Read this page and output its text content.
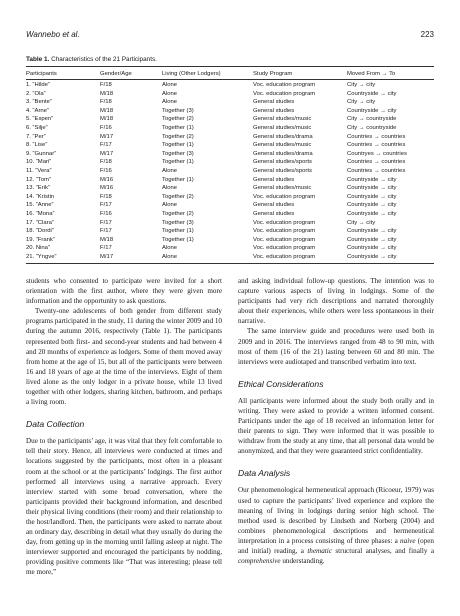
Wannebo et al.	223
Table 1. Characteristics of the 21 Participants.
Participants	Gender/Age	Living (Other Lodgers)	Study Program	Moved From → To
1. “Hilde”	F/18	Alone	Voc. education program	City → city
2. “Ola”	M/18	Alone	Voc. education program	Countryside → city
3. “Bente”	F/18	Alone	General studies	City → city
4. “Arne”	M/18	Together (3)	General studies	Countryside → city
5. “Espen”	M/18	Together (2)	General studies/music	City → countryside
6. “Silje”	F/16	Together (1)	General studies/music	City → countryside
7. “Per”	M/17	Together (2)	General studies/drama	Countries → countries
8. “Lise”	F/17	Together (1)	General studies/music	Countries → countries
9. “Gunnar”	M/17	Together (3)	General studies/drama	Countryes → countries
10. “Mari”	F/18	Together (1)	General studies/sports	Countries → countries
11. “Vera”	F/16	Alone	General studies/sports	Countries → countries
12. “Tom”	M/16	Together (1)	General studies	Countryside → city
13. “Erik”	M/16	Alone	General studies/music	Countryside → city
14. “Kristin	F/18	Together (2)	Voc. education program	Countryside → city
15. “Anne”	F/17	Alone	General studies	Countryside → city
16. “Mona”	F/16	Together (2)	General studies	Countryside → city
17. “Clara”	F/17	Together (3)	Voc. education program	City → city
18. “Dordi”	F/17	Together (1)	Voc. education program	Countryside → city
19. “Frank”	M/18	Together (1)	Voc. education program	Countryside → city
20. Nina”	F/17	Alone	Voc. education program	Countryside → city
21. “Yngve”	M/17	Alone	Voc. education program	Countryside → city

students who consented to participate were invited for a short orientation with the first author, where they were given more information and the opportunity to ask questions.

Twenty-one adolescents of both gender from different study programs participated in the study, 11 during the winter 2009 and 10 during the autumn 2016, respectively (Table 1). The participants represented both first- and second-year students and had between 4 and 20 months of experience as lodgers. Some of them moved away from home at the age of 15, but all of the participants were between 16 and 18 years of age at the time of the interviews. Eight of them lived alone as the only lodger in a private house, while 13 lived together with other lodgers, sharing kitchen, bathroom, and perhaps a living room.

Data Collection

Due to the participants’ age, it was vital that they felt comfortable to tell their story. Hence, all interviews were conducted at times and locations suggested by the participants, most often in a pleasant room at the school or at the participants’ lodgings. The first author performed all interviews using a narrative approach. Every interview started with some broad conversation, where the participants provided their background information, and described their physical living conditions (their room) and their relationship to the host/landlord. Then, the participants were asked to narrate about an ordinary day, describing in detail what they usually do during the day, from getting up in the morning until falling asleep at night. The interviewer supported and encouraged the participants by nodding, providing positive comments like “That was interesting; please tell me more,”

and asking individual follow-up questions. The intention was to capture various aspects of living in lodgings. Some of the participants had very rich descriptions and narrated thoroughly about their experiences, while others were less spontaneous in their narrative.

The same interview guide and procedures were used both in 2009 and in 2016. The interviews ranged from 48 to 90 min, with most of them (16 of the 21) lasting between 60 and 80 min. The interviews were audiotaped and transcribed verbatim into text.

Ethical Considerations

All participants were informed about the study both orally and in writing. They were asked to provide a written informed consent. Participants under the age of 18 received an information letter for their parents to sign. They were informed that it was possible to withdraw from the study at any time, that all personal data would be anonymized, and that they were guaranteed strict confidentiality.

Data Analysis

Our phenomenological hermeneutical approach (Ricoeur, 1979) was used to capture the participants’ lived experience and explore the meaning of living in lodgings during senior high school. The method used is described by Lindseth and Norberg (2004) and combines phenomenological descriptions and hermeneutical interpretation in a process consisting of three phases: a naive (open and initial) reading, a thematic structural analyses, and finally a comprehensive understanding.
